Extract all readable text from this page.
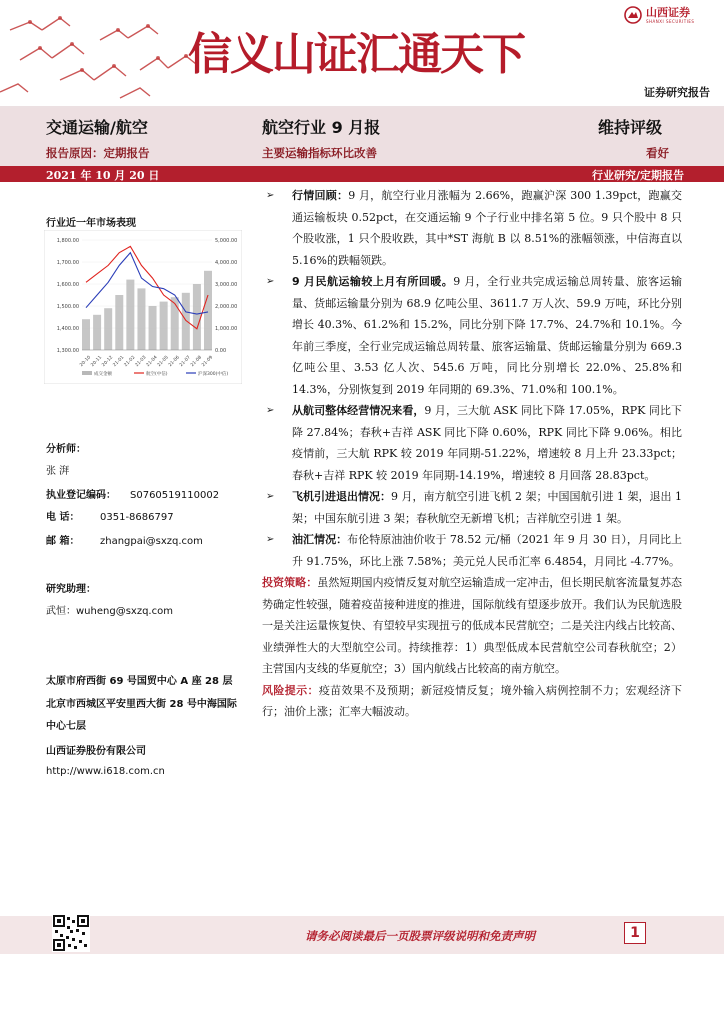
信义山证汇通天下
山西证券
SHANXI SECURITIES
证券研究报告
交通运输/航空	航空行业 9 月报	维持评级
报告原因：定期报告	主要运输指标环比改善	看好
2021 年 10 月 20 日	行业研究/定期报告
行业近一年市场表现
1,800.00
1,700.00
1,600.00
1,500.00
1,400.00
1,300.00
5,000.00
4,000.00
3,000.00
2,000.00
1,000.00
0.00
20-10
20-11
20-12
21-01
21-02
21-03
21-04
21-05
21-06
21-07
21-08
21-09
成交金额	航空(中信)	沪深300(中信)
分析师：
张 湃
执业登记编码： S0760519110002
电 话： 0351-8686797
邮 箱： zhangpai@sxzq.com
研究助理：
武恒：wuheng@sxzq.com
太原市府西街 69 号国贸中心 A 座 28 层
北京市西城区平安里西大街 28 号中海国际中心七层
山西证券股份有限公司
http://www.i618.com.cn
➢ 行情回顾：9 月，航空行业月涨幅为 2.66%，跑赢沪深 300 1.39pct，跑赢交通运输板块 0.52pct，在交通运输 9 个子行业中排名第 5 位。9 只个股中 8 只个股收涨，1 只个股收跌，其中*ST 海航 B 以 8.51%的涨幅领涨，中信海直以 5.16%的跌幅领跌。
➢ 9 月民航运输较上月有所回暖。9 月，全行业共完成运输总周转量、旅客运输量、货邮运输量分别为 68.9 亿吨公里、3611.7 万人次、59.9 万吨，环比分别增长 40.3%、61.2%和 15.2%，同比分别下降 17.7%、24.7%和 10.1%。今年前三季度，全行业完成运输总周转量、旅客运输量、货邮运输量分别为 669.3 亿吨公里、3.53 亿人次、545.6 万吨，同比分别增长 22.0%、25.8%和 14.3%，分别恢复到 2019 年同期的 69.3%、71.0%和 100.1%。
➢ 从航司整体经营情况来看，9 月，三大航 ASK 同比下降 17.05%，RPK 同比下降 27.84%；春秋+吉祥 ASK 同比下降 0.60%，RPK 同比下降 9.06%。相比疫情前，三大航 RPK 较 2019 年同期-51.22%，增速较 8 月上升 23.33pct；春秋+吉祥 RPK 较 2019 年同期-14.19%，增速较 8 月回落 28.83pct。
➢ 飞机引进退出情况：9 月，南方航空引进飞机 2 架；中国国航引进 1 架，退出 1 架；中国东航引进 3 架；春秋航空无新增飞机；吉祥航空引进 1 架。
➢ 油汇情况：布伦特原油油价收于 78.52 元/桶（2021 年 9 月 30 日），月同比上升 91.75%，环比上涨 7.58%；美元兑人民币汇率 6.4854，月同比 -4.77%。
投资策略：虽然短期国内疫情反复对航空运输造成一定冲击，但长期民航客流量复苏态势确定性较强，随着疫苗接种进度的推进，国际航线有望逐步放开。我们认为民航选股一是关注运量恢复快、有望较早实现扭亏的低成本民营航空；二是关注内线占比较高、业绩弹性大的大型航空公司。持续推荐：1）典型低成本民营航空公司春秋航空；2）主营国内支线的华夏航空；3）国内航线占比较高的南方航空。
风险提示：疫苗效果不及预期；新冠疫情反复；境外输入病例控制不力；宏观经济下行；油价上涨；汇率大幅波动。
请务必阅读最后一页股票评级说明和免责声明	1
